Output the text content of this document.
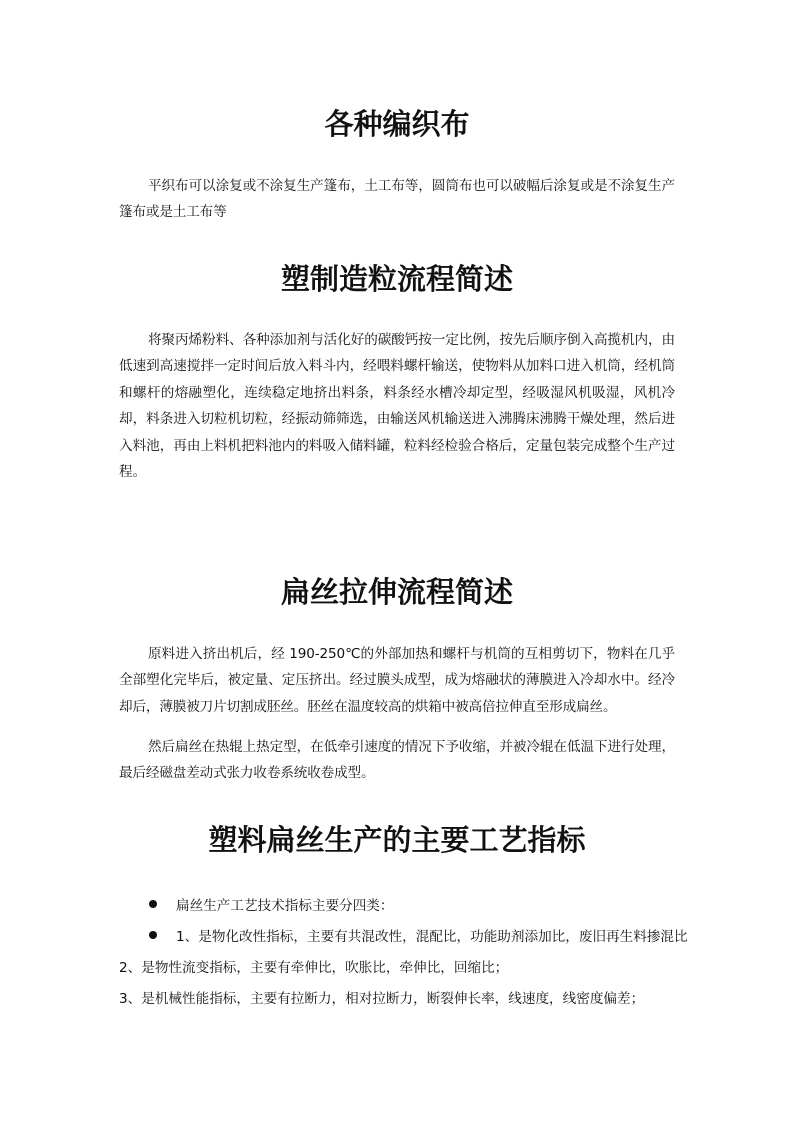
各种编织布

平织布可以涂复或不涂复生产篷布，土工布等，圆筒布也可以破幅后涂复或是不涂复生产篷布或是土工布等

塑制造粒流程简述

将聚丙烯粉料、各种添加剂与活化好的碳酸钙按一定比例，按先后顺序倒入高揽机内，由低速到高速搅拌一定时间后放入料斗内，经喂料螺杆输送，使物料从加料口进入机筒，经机筒和螺杆的熔融塑化，连续稳定地挤出料条，料条经水槽冷却定型，经吸湿风机吸湿，风机冷却，料条进入切粒机切粒，经振动筛筛选，由输送风机输送进入沸腾床沸腾干燥处理，然后进入料池，再由上料机把料池内的料吸入储料罐，粒料经检验合格后，定量包装完成整个生产过程。

扁丝拉伸流程简述

原料进入挤出机后，经 190-250℃的外部加热和螺杆与机筒的互相剪切下，物料在几乎全部塑化完毕后，被定量、定压挤出。经过膜头成型，成为熔融状的薄膜进入冷却水中。经冷却后，薄膜被刀片切割成胚丝。胚丝在温度较高的烘箱中被高倍拉伸直至形成扁丝。

然后扁丝在热辊上热定型，在低牵引速度的情况下予收缩，并被冷辊在低温下进行处理，最后经磁盘差动式张力收卷系统收卷成型。

塑料扁丝生产的主要工艺指标
扁丝生产工艺技术指标主要分四类：
1、是物化改性指标，主要有共混改性，混配比，功能助剂添加比，废旧再生料掺混比

2、是物性流变指标，主要有牵伸比，吹胀比，牵伸比，回缩比；

3、是机械性能指标，主要有拉断力，相对拉断力，断裂伸长率，线速度，线密度偏差；
